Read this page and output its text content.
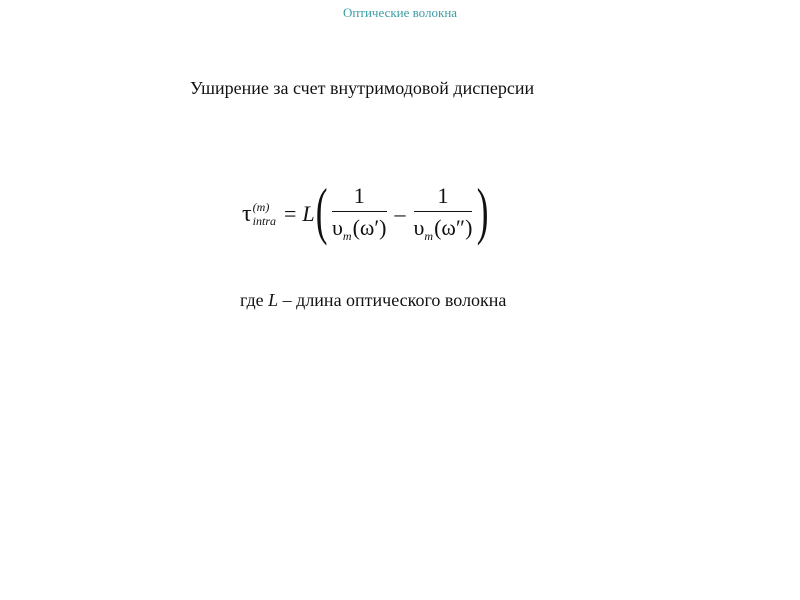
Оптические волокна
Уширение за счет внутримодовой дисперсии
τ (m)
intra = L ( $\frac{1}{\text{υ m (ω′)}} - \frac{1}{\text{υ m (ω″)}}$ )
где L – длина оптического волокна
